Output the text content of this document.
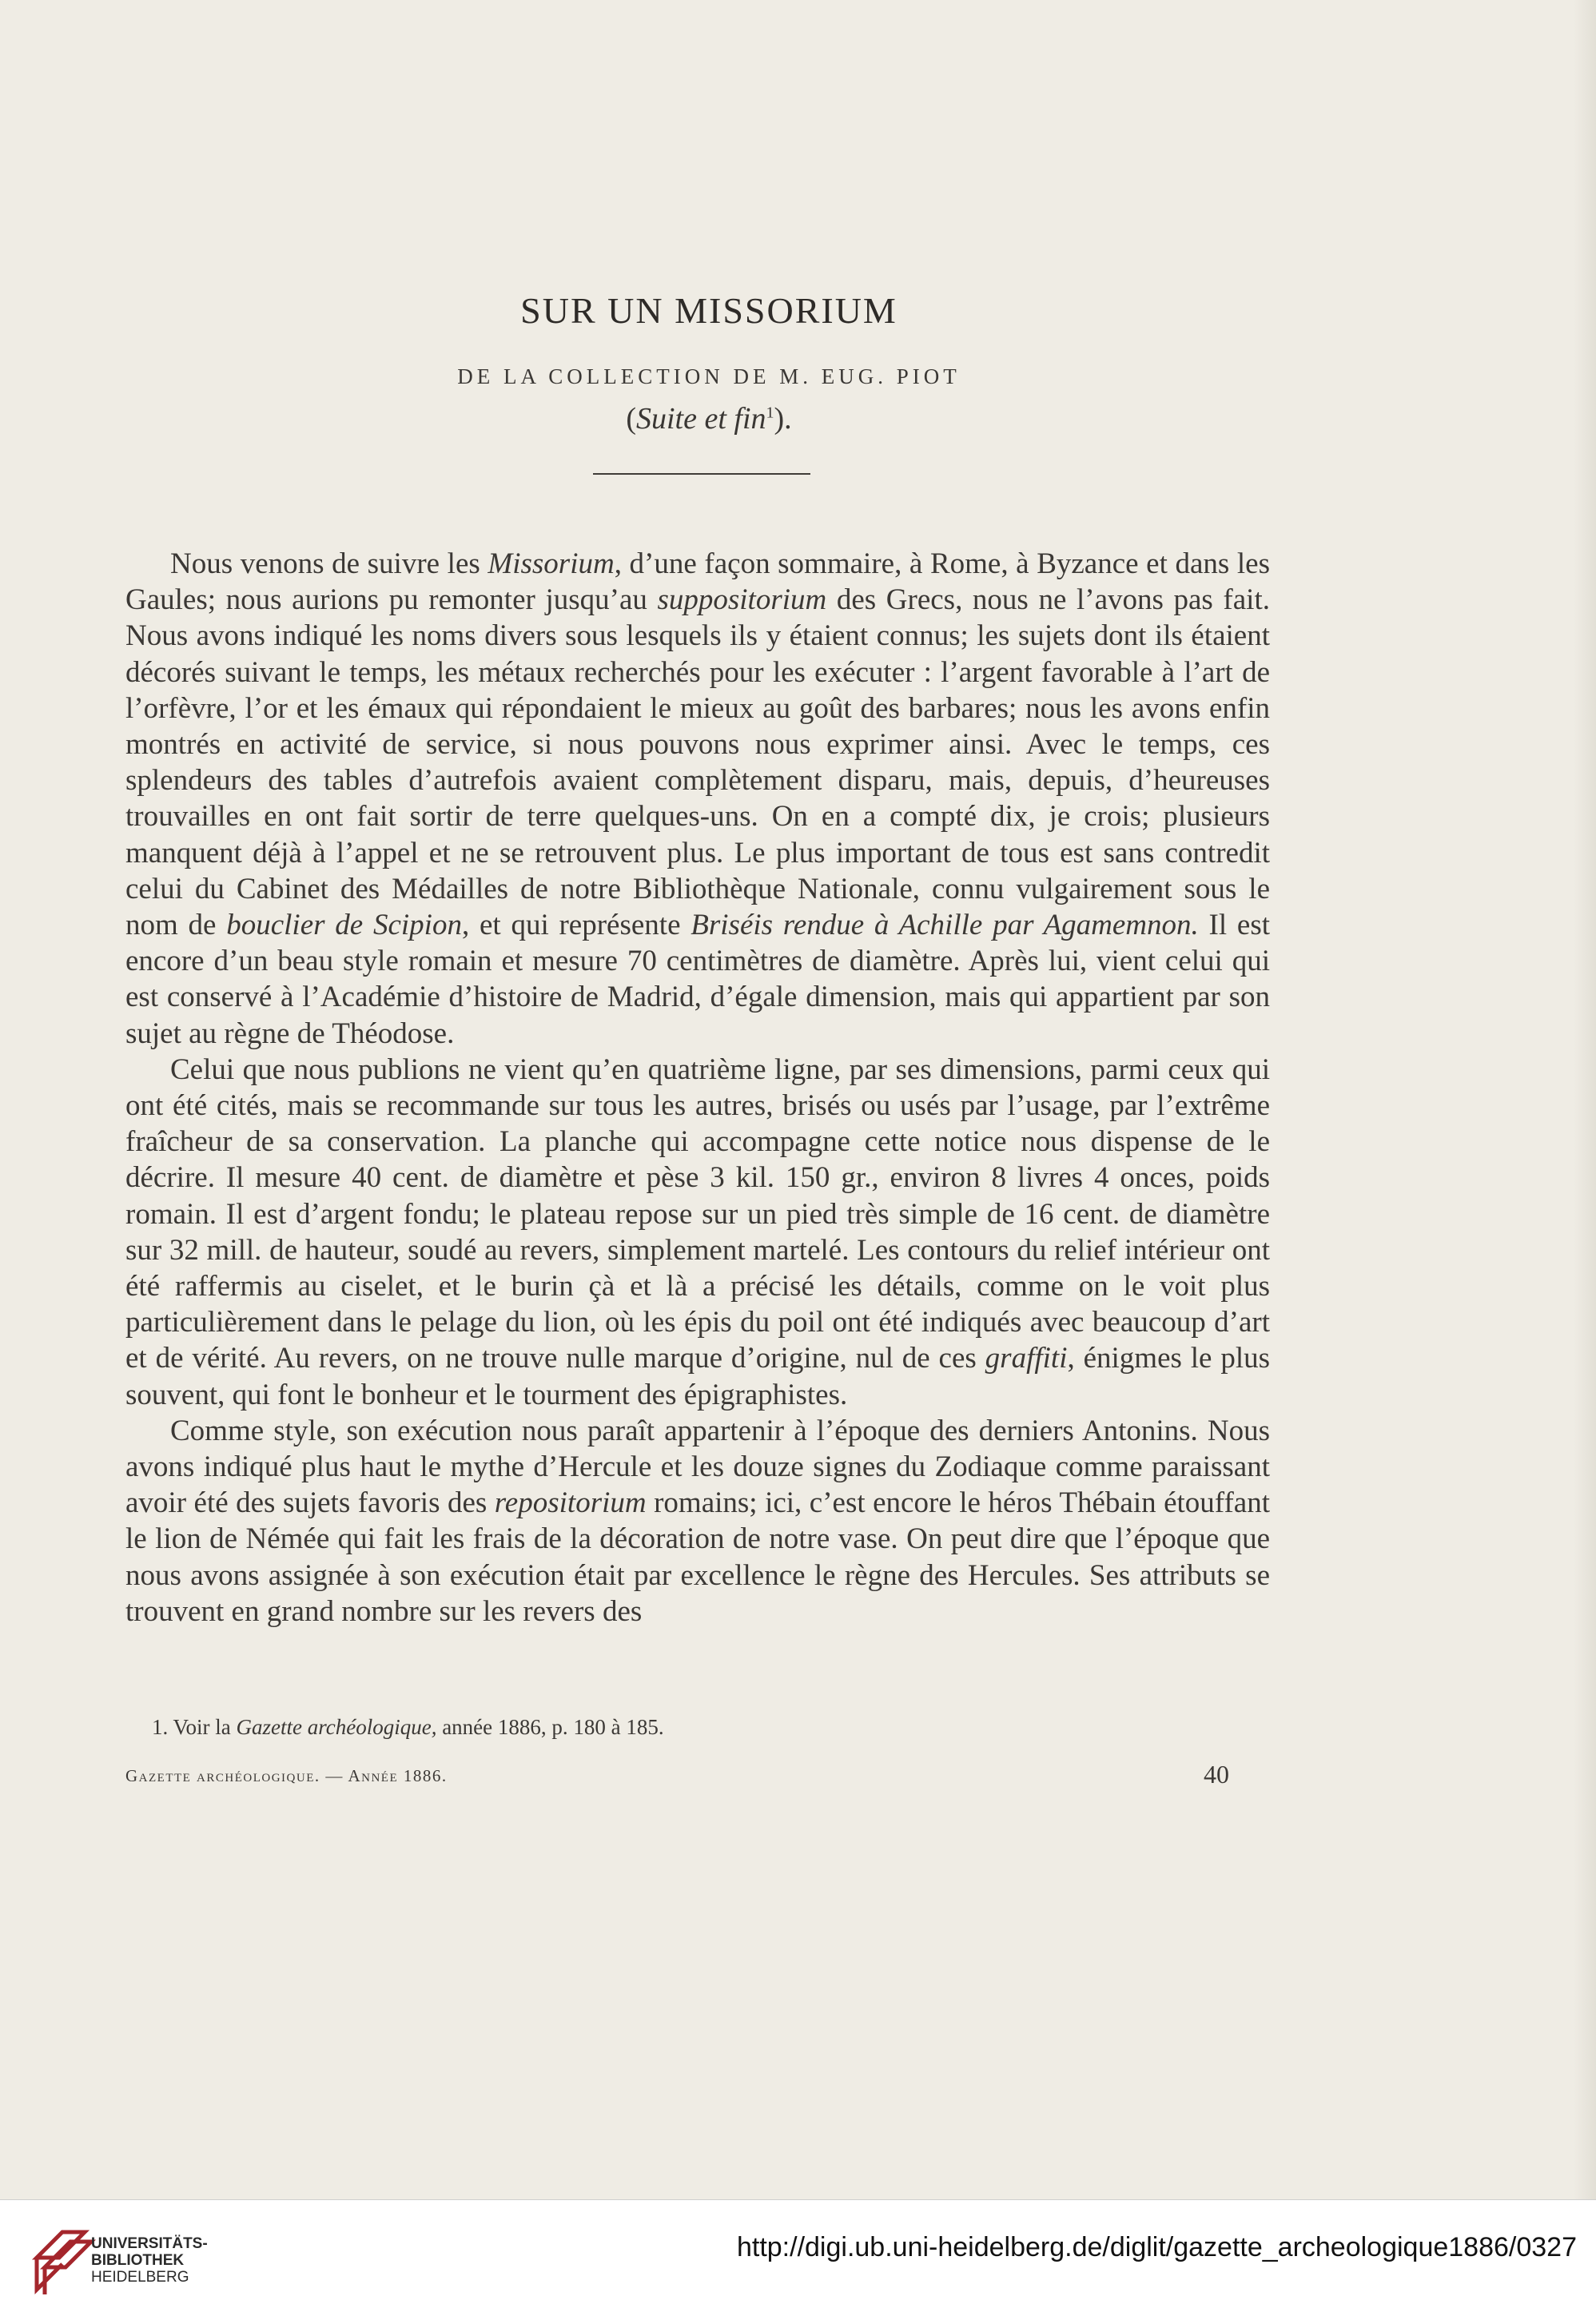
SUR UN MISSORIUM
DE LA COLLECTION DE M. EUG. PIOT
(Suite et fin$^1$).

Nous venons de suivre les Missorium, d’une façon sommaire, à Rome, à Byzance et dans les Gaules; nous aurions pu remonter jusqu’au suppositorium des Grecs, nous ne l’avons pas fait. Nous avons indiqué les noms divers sous lesquels ils y étaient connus; les sujets dont ils étaient décorés suivant le temps, les métaux recherchés pour les exécuter : l’argent favorable à l’art de l’orfèvre, l’or et les émaux qui répondaient le mieux au goût des barbares; nous les avons enfin montrés en activité de service, si nous pouvons nous exprimer ainsi. Avec le temps, ces splendeurs des tables d’autrefois avaient complètement disparu, mais, depuis, d’heureuses trouvailles en ont fait sortir de terre quelques-uns. On en a compté dix, je crois; plusieurs manquent déjà à l’appel et ne se retrouvent plus. Le plus important de tous est sans contredit celui du Cabinet des Médailles de notre Bibliothèque Nationale, connu vulgairement sous le nom de bouclier de Scipion, et qui représente Briséis rendue à Achille par Agamemnon. Il est encore d’un beau style romain et mesure 70 centimètres de diamètre. Après lui, vient celui qui est conservé à l’Académie d’histoire de Madrid, d’égale dimension, mais qui appartient par son sujet au règne de Théodose.

Celui que nous publions ne vient qu’en quatrième ligne, par ses dimensions, parmi ceux qui ont été cités, mais se recommande sur tous les autres, brisés ou usés par l’usage, par l’extrême fraîcheur de sa conservation. La planche qui accompagne cette notice nous dispense de le décrire. Il mesure 40 cent. de diamètre et pèse 3 kil. 150 gr., environ 8 livres 4 onces, poids romain. Il est d’argent fondu; le plateau repose sur un pied très simple de 16 cent. de diamètre sur 32 mill. de hauteur, soudé au revers, simplement martelé. Les contours du relief intérieur ont été raffermis au ciselet, et le burin çà et là a précisé les détails, comme on le voit plus particulièrement dans le pelage du lion, où les épis du poil ont été indiqués avec beaucoup d’art et de vérité. Au revers, on ne trouve nulle marque d’origine, nul de ces graffiti, énigmes le plus souvent, qui font le bonheur et le tourment des épigraphistes.

Comme style, son exécution nous paraît appartenir à l’époque des derniers Antonins. Nous avons indiqué plus haut le mythe d’Hercule et les douze signes du Zodiaque comme paraissant avoir été des sujets favoris des repositorium romains; ici, c’est encore le héros Thébain étouffant le lion de Némée qui fait les frais de la décoration de notre vase. On peut dire que l’époque que nous avons assignée à son exécution était par excellence le règne des Hercules. Ses attributs se trouvent en grand nombre sur les revers des

1. Voir la Gazette archéologique, année 1886, p. 180 à 185.
Gazette archéologique. — Année 1886.	40
UNIVERSITÄTS-
BIBLIOTHEK
HEIDELBERG
http://digi.ub.uni-heidelberg.de/diglit/gazette_archeologique1886/0327
